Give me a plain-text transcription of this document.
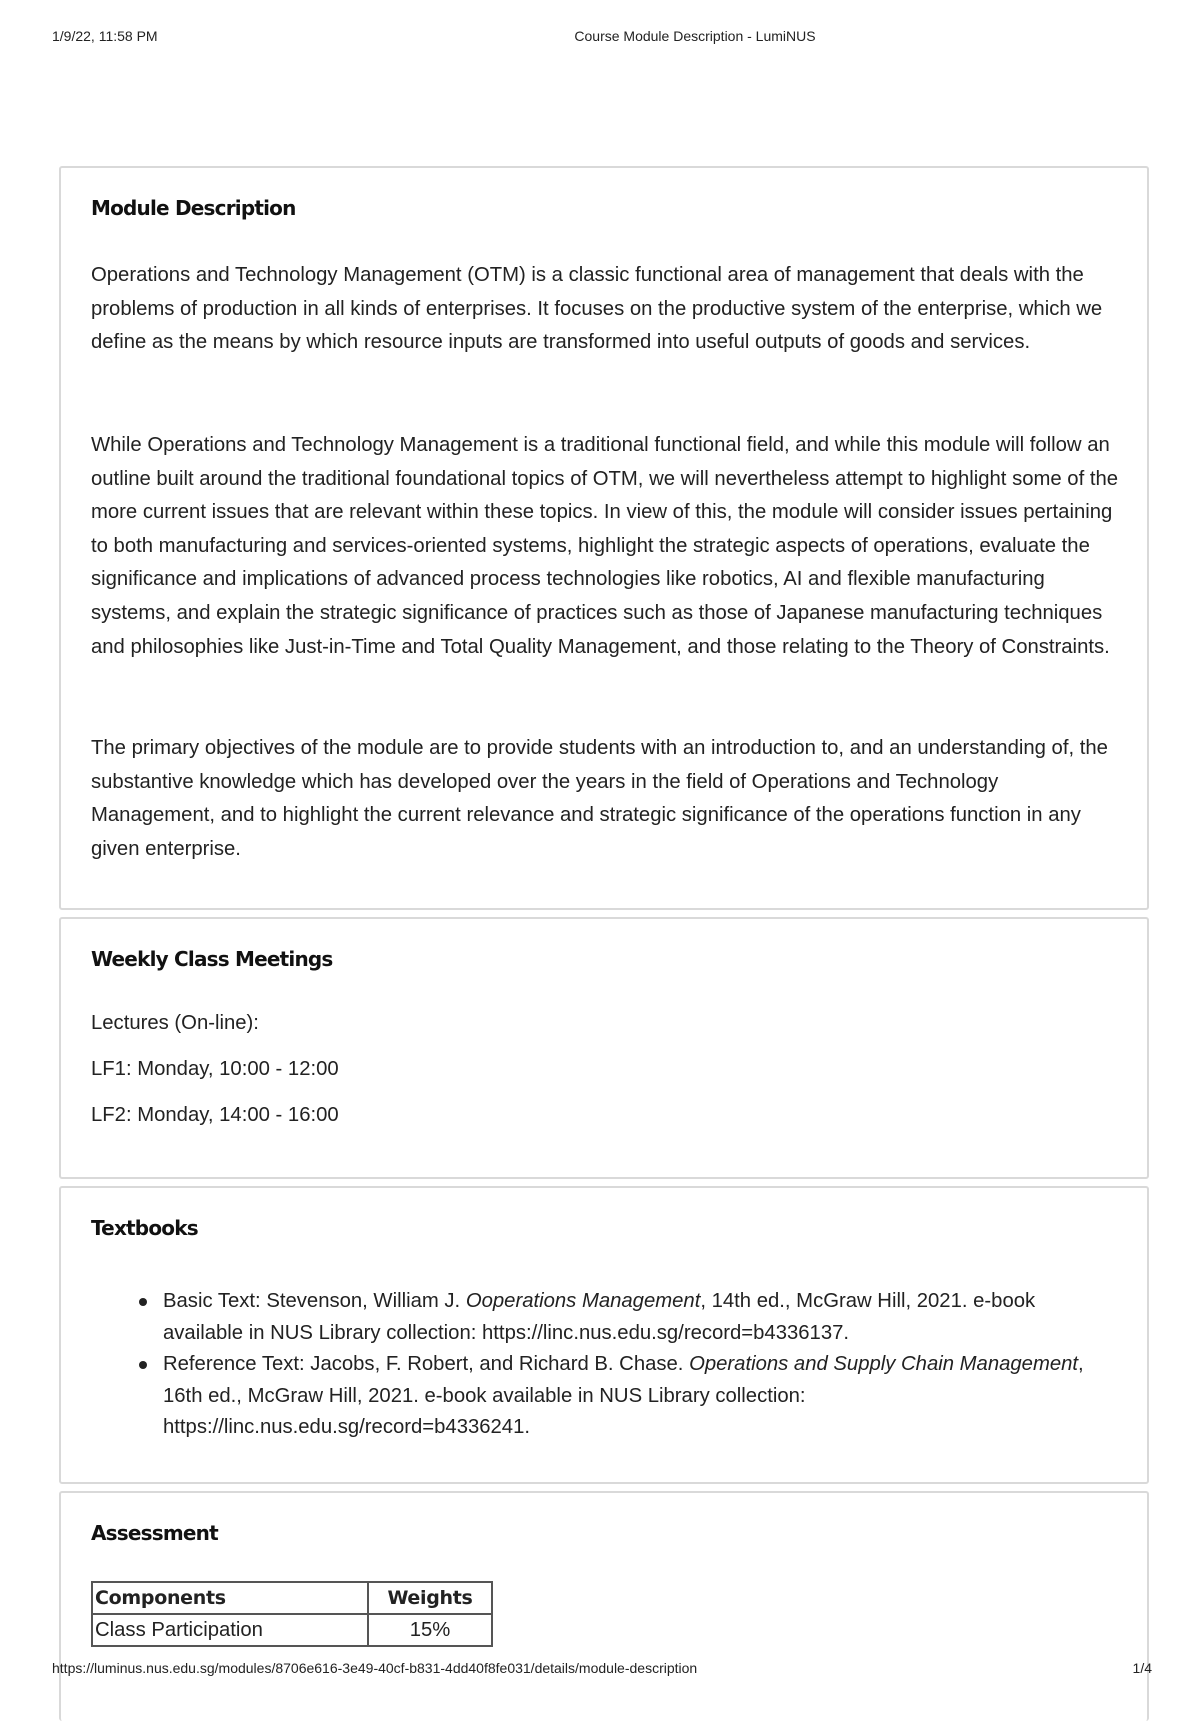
1/9/22, 11:58 PM	Course Module Description - LumiNUS
Module Description

Operations and Technology Management (OTM) is a classic functional area of management that deals with the problems of production in all kinds of enterprises. It focuses on the productive system of the enterprise, which we define as the means by which resource inputs are transformed into useful outputs of goods and services.

While Operations and Technology Management is a traditional functional field, and while this module will follow an outline built around the traditional foundational topics of OTM, we will nevertheless attempt to highlight some of the more current issues that are relevant within these topics. In view of this, the module will consider issues pertaining to both manufacturing and services-oriented systems, highlight the strategic aspects of operations, evaluate the significance and implications of advanced process technologies like robotics, AI and flexible manufacturing systems, and explain the strategic significance of practices such as those of Japanese manufacturing techniques and philosophies like Just-in-Time and Total Quality Management, and those relating to the Theory of Constraints.

The primary objectives of the module are to provide students with an introduction to, and an understanding of, the substantive knowledge which has developed over the years in the field of Operations and Technology Management, and to highlight the current relevance and strategic significance of the operations function in any given enterprise.

Weekly Class Meetings

Lectures (On-line):

LF1: Monday, 10:00 - 12:00

LF2: Monday, 14:00 - 16:00

Textbooks
Basic Text: Stevenson, William J. Ooperations Management, 14th ed., McGraw Hill, 2021. e-book available in NUS Library collection: https://linc.nus.edu.sg/record=b4336137.
Reference Text: Jacobs, F. Robert, and Richard B. Chase. Operations and Supply Chain Management, 16th ed., McGraw Hill, 2021. e-book available in NUS Library collection: https://linc.nus.edu.sg/record=b4336241.
Assessment
Components	Weights
Class Participation	15%
https://luminus.nus.edu.sg/modules/8706e616-3e49-40cf-b831-4dd40f8fe031/details/module-description	1/4
